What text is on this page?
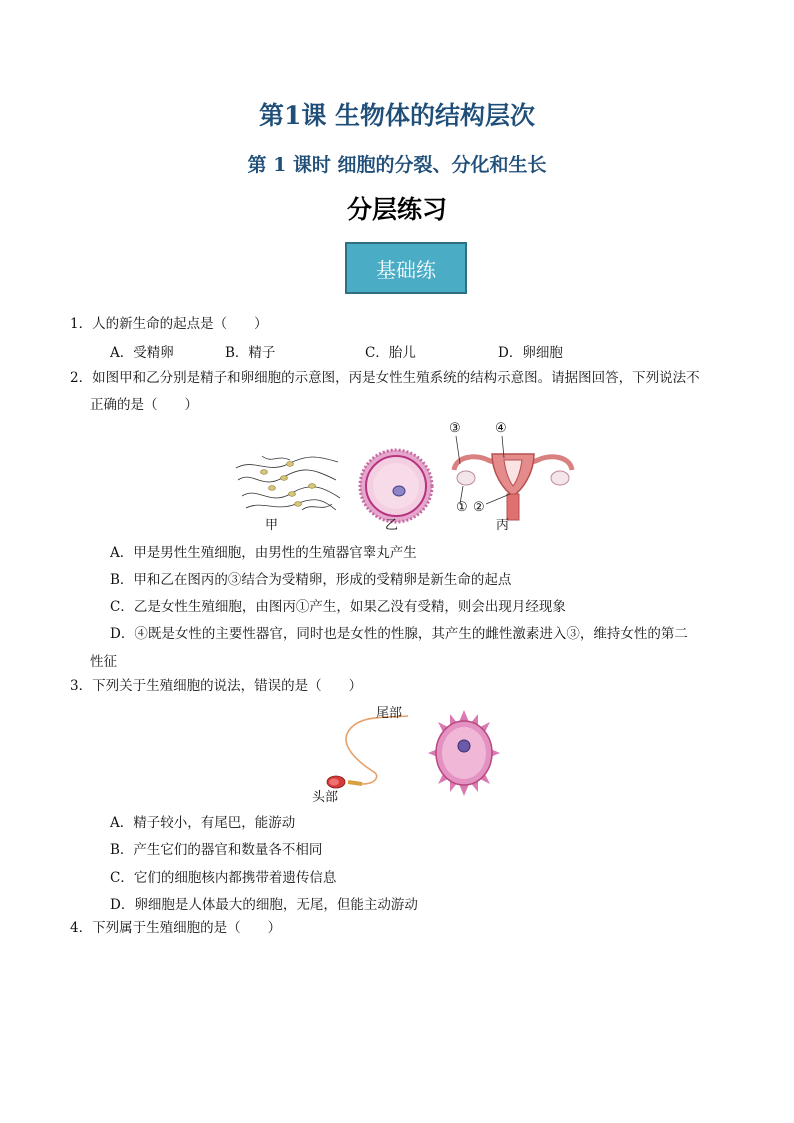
第1课 生物体的结构层次
第 1 课时 细胞的分裂、分化和生长
分层练习
基础练
1．人的新生命的起点是（　　）
A．受精卵	B．精子	C．胎儿	D．卵细胞
2．如图甲和乙分别是精子和卵细胞的示意图，丙是女性生殖系统的结构示意图。请据图回答，下列说法不
正确的是（　　）
甲	乙
③	④
① ②
丙
A．甲是男性生殖细胞，由男性的生殖器官睾丸产生
B．甲和乙在图丙的③结合为受精卵，形成的受精卵是新生命的起点
C．乙是女性生殖细胞，由图丙①产生，如果乙没有受精，则会出现月经现象
D．④既是女性的主要性器官，同时也是女性的性腺，其产生的雌性激素进入③，维持女性的第二
性征
3．下列关于生殖细胞的说法，错误的是（　　）
尾部
头部
A．精子较小，有尾巴，能游动
B．产生它们的器官和数量各不相同
C．它们的细胞核内都携带着遗传信息
D．卵细胞是人体最大的细胞，无尾，但能主动游动
4．下列属于生殖细胞的是（　　）
